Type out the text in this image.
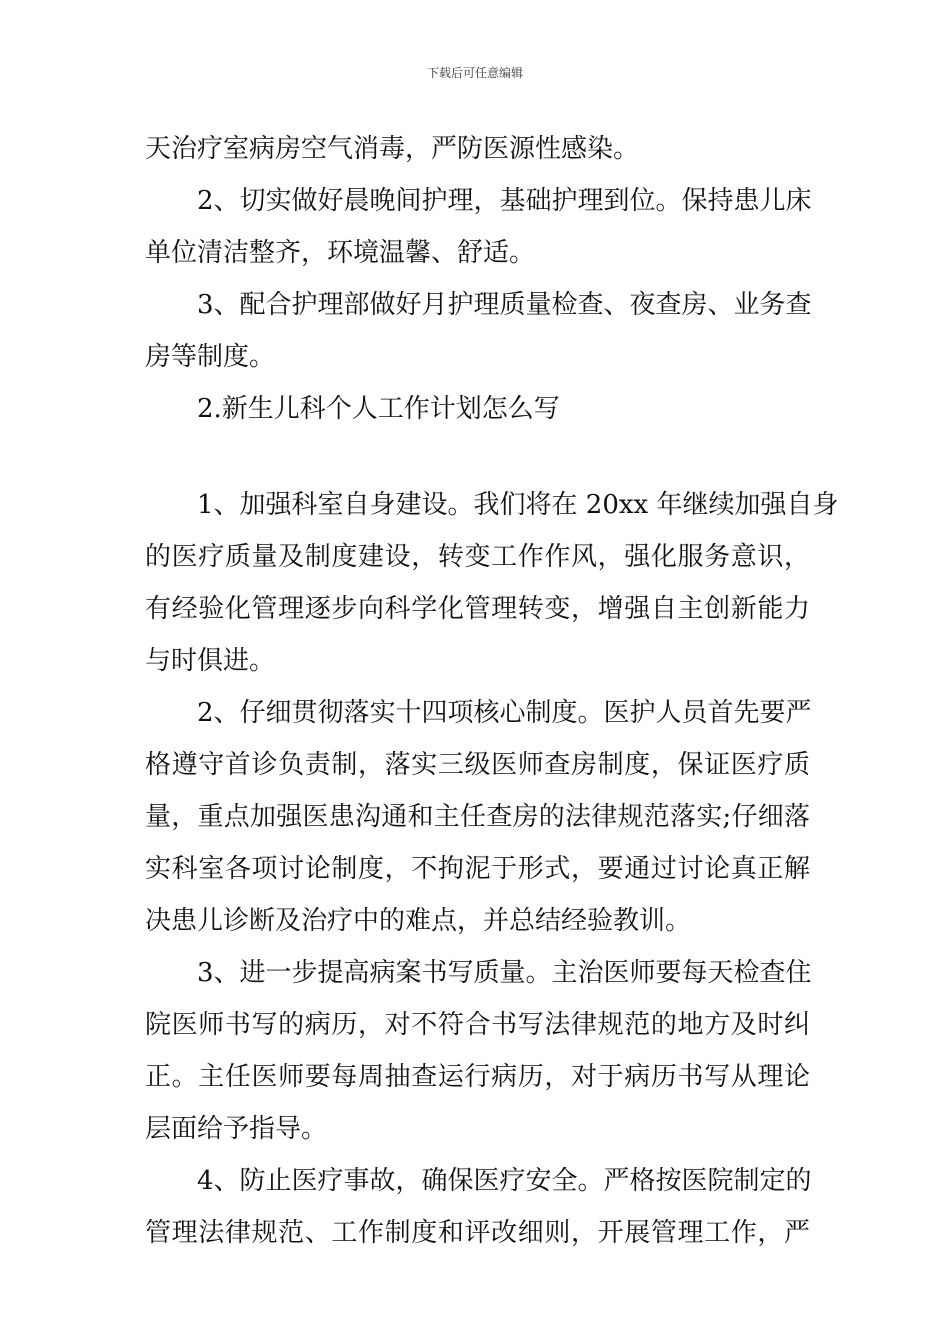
下载后可任意编辑
天治疗室病房空气消毒，严防医源性感染。
2、切实做好晨晚间护理，基础护理到位。保持患儿床
单位清洁整齐，环境温馨、舒适。
3、配合护理部做好月护理质量检查、夜查房、业务查
房等制度。
2.新生儿科个人工作计划怎么写
1、加强科室自身建设。我们将在 20xx 年继续加强自身
的医疗质量及制度建设，转变工作作风，强化服务意识，
有经验化管理逐步向科学化管理转变，增强自主创新能力
与时俱进。
2、仔细贯彻落实十四项核心制度。医护人员首先要严
格遵守首诊负责制，落实三级医师查房制度，保证医疗质
量，重点加强医患沟通和主任查房的法律规范落实;仔细落
实科室各项讨论制度，不拘泥于形式，要通过讨论真正解
决患儿诊断及治疗中的难点，并总结经验教训。
3、进一步提高病案书写质量。主治医师要每天检查住
院医师书写的病历，对不符合书写法律规范的地方及时纠
正。主任医师要每周抽查运行病历，对于病历书写从理论
层面给予指导。
4、防止医疗事故，确保医疗安全。严格按医院制定的
管理法律规范、工作制度和评改细则，开展管理工作，严
